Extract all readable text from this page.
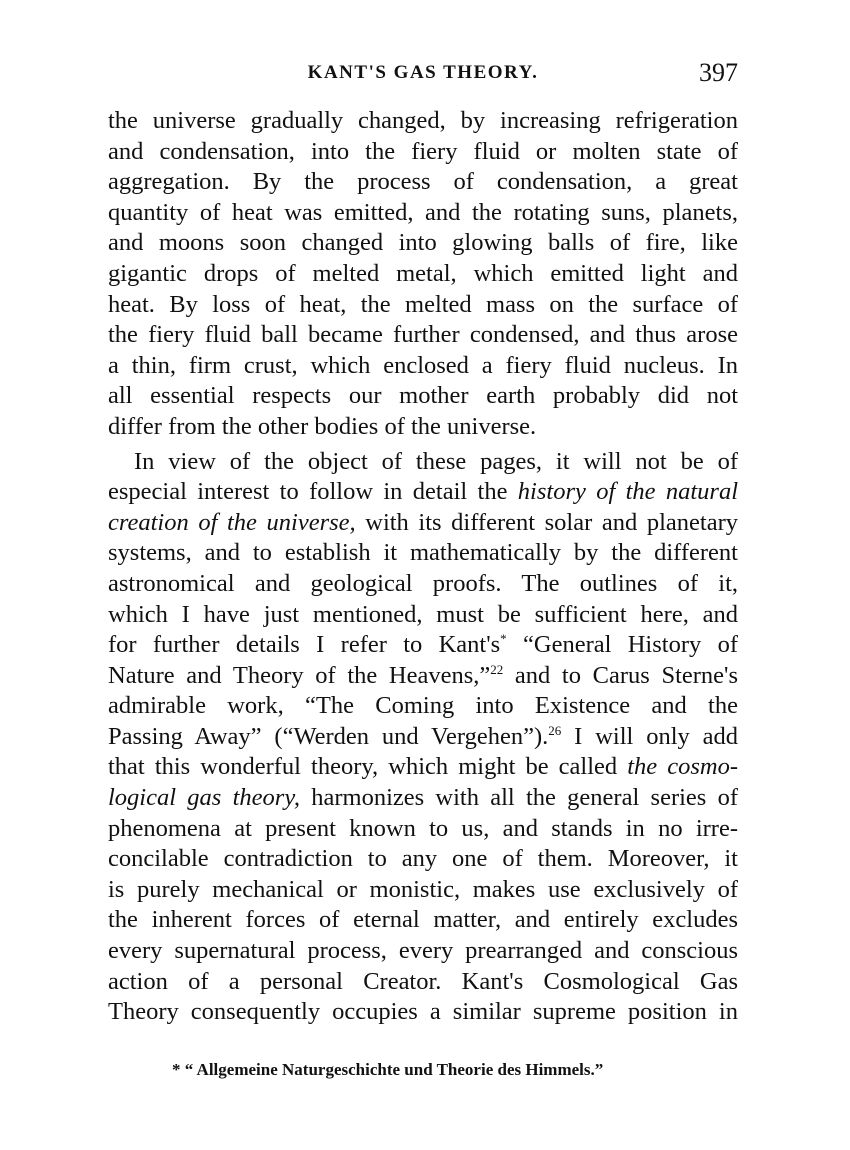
KANT'S GAS THEORY.	397
the universe gradually changed, by increasing refrigeration
and condensation, into the fiery fluid or molten state of
aggregation. By the process of condensation, a great
quantity of heat was emitted, and the rotating suns, planets,
and moons soon changed into glowing balls of fire, like
gigantic drops of melted metal, which emitted light and
heat. By loss of heat, the melted mass on the surface of
the fiery fluid ball became further condensed, and thus arose
a thin, firm crust, which enclosed a fiery fluid nucleus. In
all essential respects our mother earth probably did not
differ from the other bodies of the universe.
In view of the object of these pages, it will not be of
especial interest to follow in detail the history of the natural
creation of the universe, with its different solar and planetary
systems, and to establish it mathematically by the different
astronomical and geological proofs. The outlines of it,
which I have just mentioned, must be sufficient here, and
for further details I refer to Kant's* “General History of
Nature and Theory of the Heavens,”$^{22}$ and to Carus Sterne's
admirable work, “The Coming into Existence and the
Passing Away” (“Werden und Vergehen”).$^{26}$ I will only add
that this wonderful theory, which might be called the cosmo-
logical gas theory, harmonizes with all the general series of
phenomena at present known to us, and stands in no irre-
concilable contradiction to any one of them. Moreover, it
is purely mechanical or monistic, makes use exclusively of
the inherent forces of eternal matter, and entirely excludes
every supernatural process, every prearranged and conscious
action of a personal Creator. Kant's Cosmological Gas
Theory consequently occupies a similar supreme position in
* “ Allgemeine Naturgeschichte und Theorie des Himmels.”
